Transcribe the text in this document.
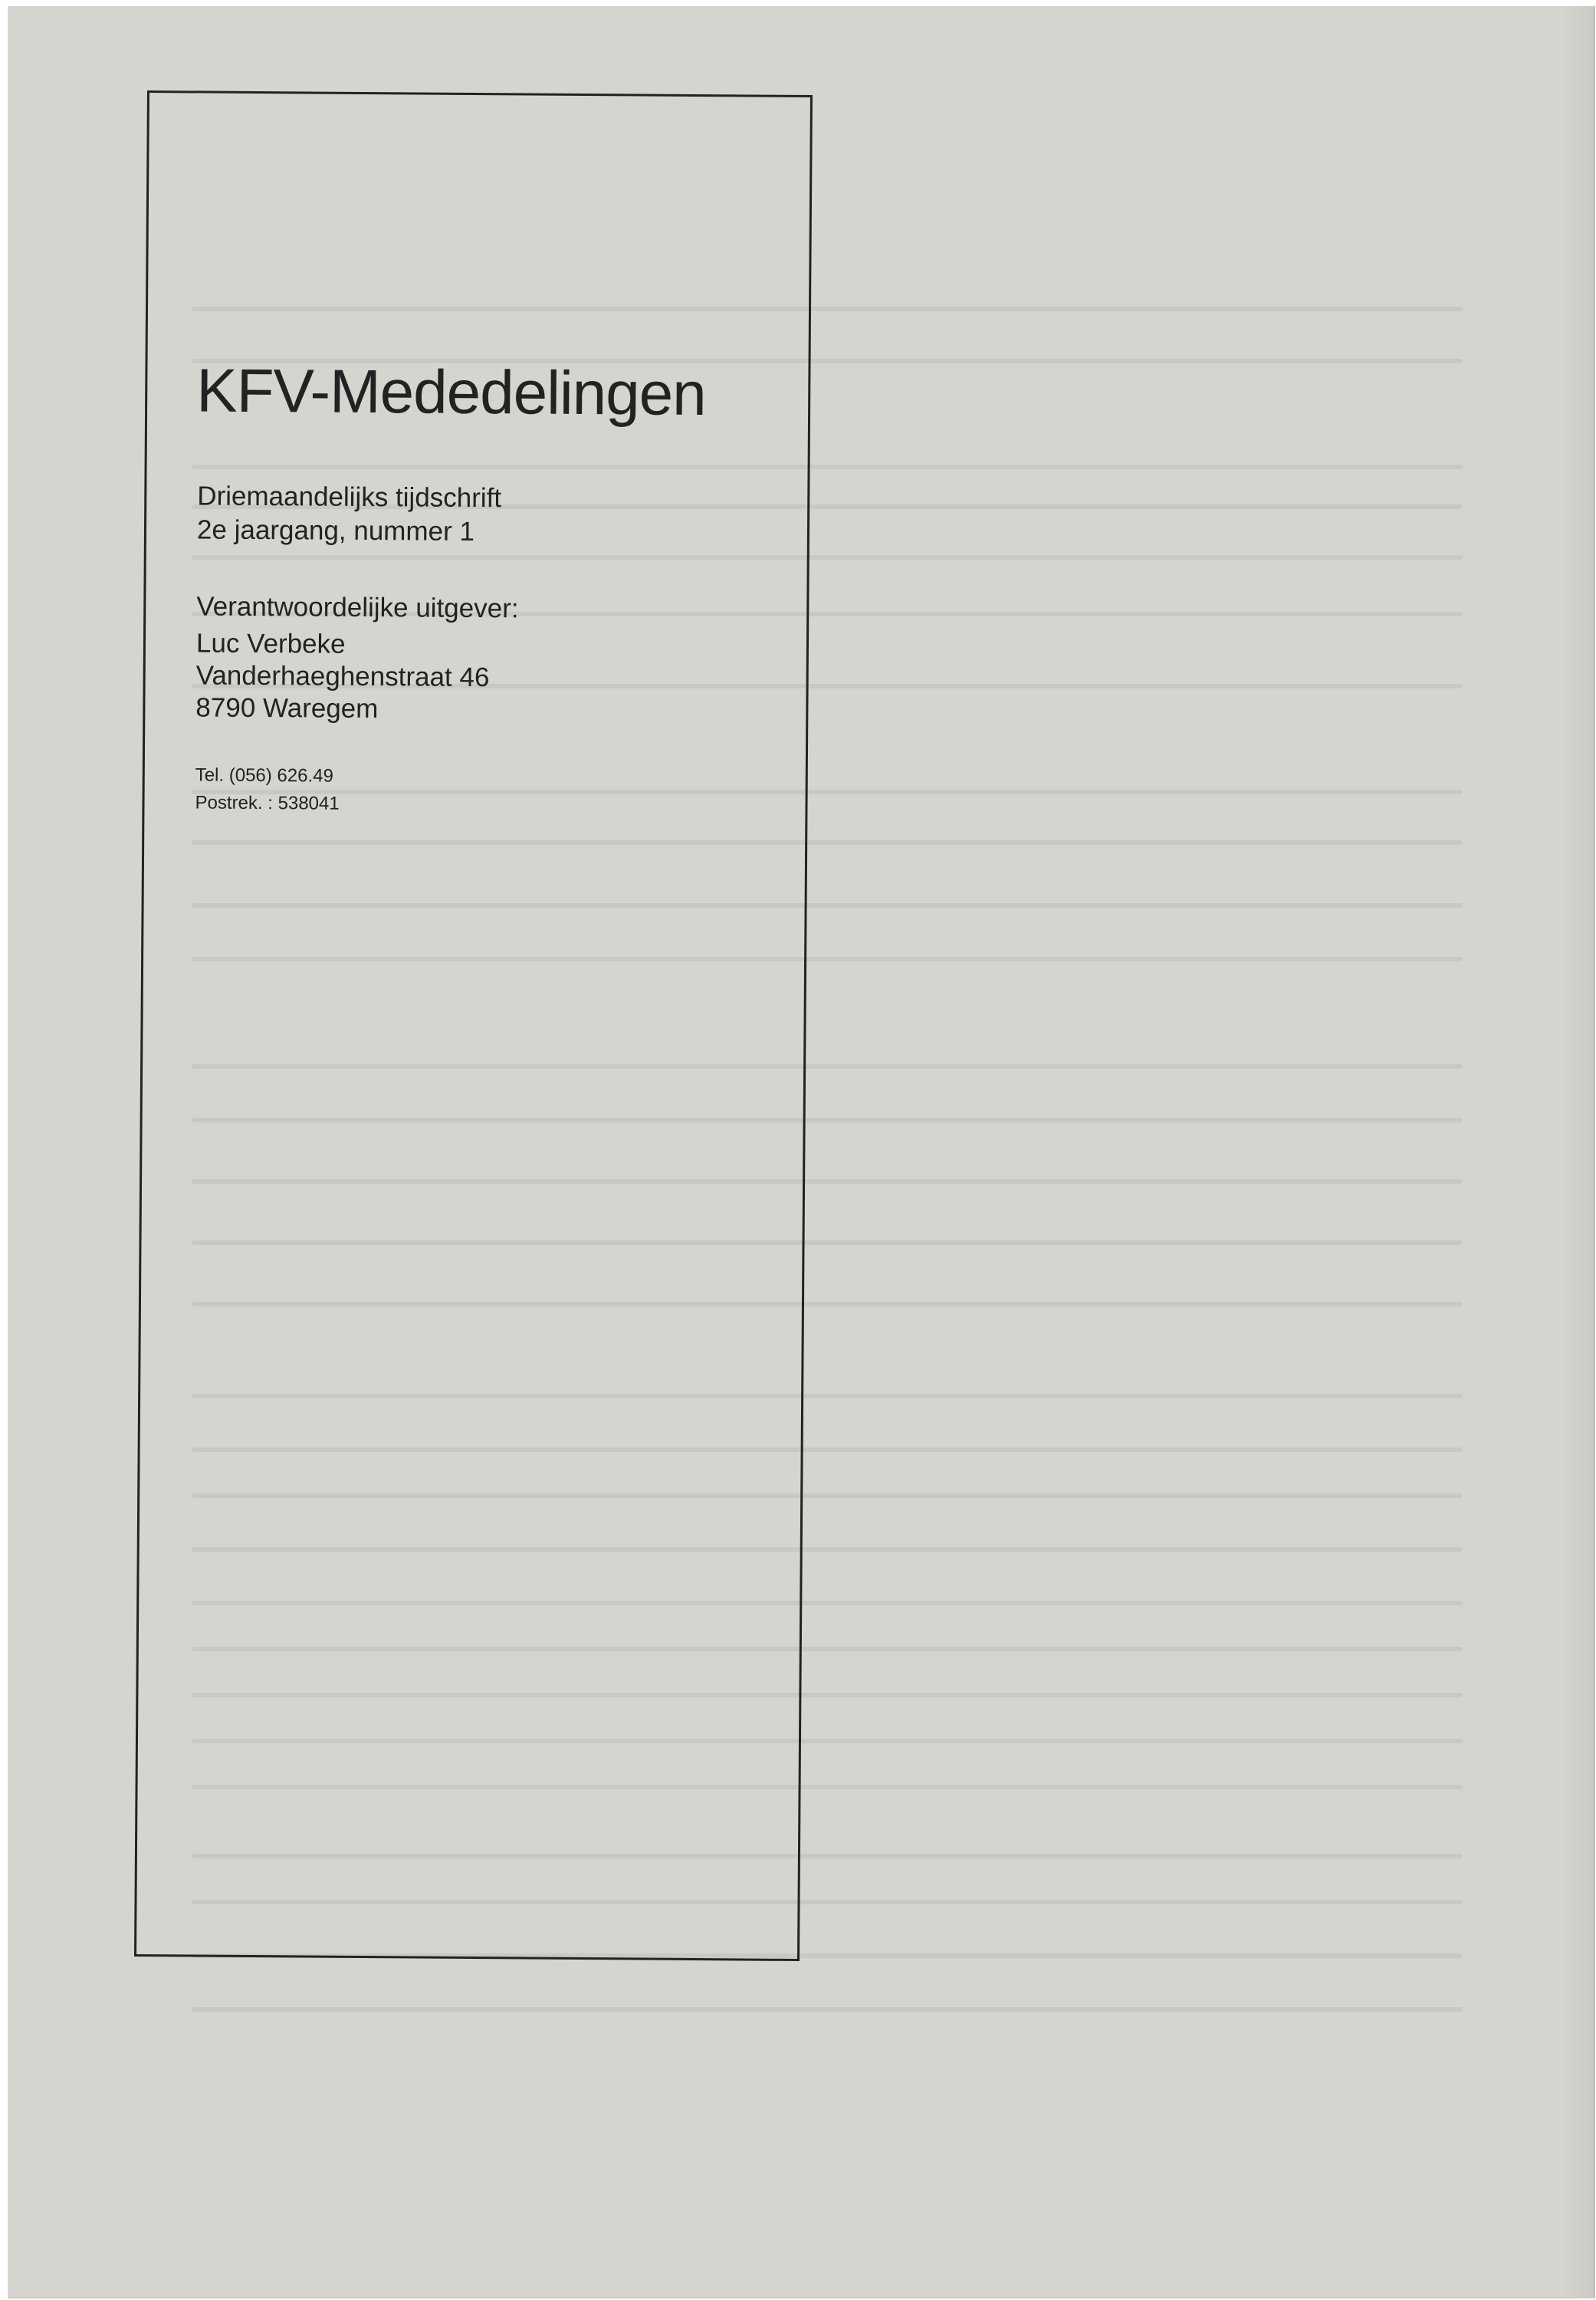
KFV-Mededelingen

Driemaandelijks tijdschrift

2e jaargang, nummer 1

Verantwoordelijke uitgever:

Luc Verbeke

Vanderhaeghenstraat 46

8790 Waregem

Tel. (056) 626.49

Postrek. : 538041
